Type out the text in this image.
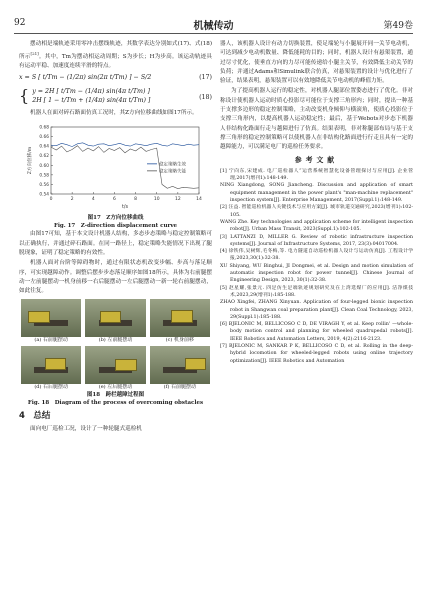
92	机械传动	第49卷

摆动相是端轨迹采用零冲击摆线轨迹，其数学表达分别如式(17)、式(18)所示[21]。其中，Tm为摆动相运动周期；S为步长；H为步高。该运动轨迹具有运动平稳、加速度连续平滑的特点。

x = S [ t/Tm − (1/2π) sin(2π t/Tm) ] − S/2	(17)
{ y = 2H [ t/Tm − (1/4π) sin(4π t/Tm) ]
2H [ 1 − t/Tm + (1/4π) sin(4π t/Tm) ]	(18)

机器人在面对碎石路面仿真工况时，其Z方向位移曲线如图17所示。

0	2	4	6	8	10	12	14
0.54
0.56
0.58
0.60
0.62
0.64
0.66
0.68
t/s
Z方向位移/m	稳定策略生效
稳定策略失能
图17　Z方向位移曲线
Fig. 17　Z-direction displacement curve

由图17可知，基于本文设计机器人结构，多态步态策略与稳定控制策略可以正确执行，并通过碎石路面。在同一路径上，稳定策略失能情况下出现了腿脱现象，证明了稳定策略的有效性。

机器人面对台阶等障碍物时，通过有限状态机改变步幅、步高与落足顺序，可实现越障动作。调整后摆步步态落足顺序如图18所示，具体为右前腿摆动一左前腿摆动一机身前移一右后腿摆动一左后腿摆动一新一轮右前腿摆动，如此往复。

(a) 右前腿摆动	(b) 左前腿摆动	(c) 机身前移
(d) 右后腿摆动	(e) 左后腿摆动	(f) 右前腿摆动
图18　跨栏越障过程图
Fig. 18　Diagram of the process of overcoming obstacles
4　总结

面向电厂巡检工况，设计了一种轮腿式巡检机

器人，该机器人设计有动力切换装置，使足端轮与小腿展开同一关节电动机，可达到减少电动机数量、降低能耗的目的；同时，机器人设计有悬架装置，通过尽寸优化，使垂直方向的力尽可能传递给小腿主关节，有效降低主动关节的负荷；并通过Adams和Simulink联合仿真，对悬架装置的设计与优化进行了验证，结果表明，悬架装置可以有效地降低关节电动机的峰值力矩。

为了提高机器人运行的稳定性，对机器人腿部位置姿态进行了优化。非对称设计使机器人运动时质心投影尽可能位于支撑三角形内；同时，提出一种基于支撑多边形的稳定控制策略，主动改变机身倾仰与横滚角，使质心投影位于支撑三角形内，以提高机器人运动稳定性；最后，基于Webots对步态下机器人非结构化路面行走与越障进行了仿真。结果表明，非对称腿部布局与基于支撑三角形的稳定控制策略可以使机器人在非结构化路面进行行走且具有一定的越障能力，可以满足电厂的巡检任务要求。

参考文献

[1] 宁向东,宋建成. 电厂巡检器人”运营系统智慧化设备管理探讨与应用[J]. 企业管理,2017(增刊1):148-149.

NING Xiangdong, SONG Jiancheng. Discussion and application of smart equipment management in the power plant's "man-machine replacement" inspection system[J]. Enterprise Management, 2017(Suppl.1):148-149.

[2] 汪益. 智能巡检机器人关键技术与应用方案[J]. 城市轨道交通研究,2023(增刊1):102-105.

WANG Zhe. Key technologies and application scheme for intelligent inspection robot[J]. Urban Mass Transit, 2023(Suppl.1):102-105.

[3] LATTANZI D, MILLER G. Review of robotic infrastructure inspection systems[J]. Journal of Infrastructure Systems, 2017, 23(3):04017004.

[4] 徐铁伟,吴树辉,毛冬梅,等. 电力隧道自动巡检机器人设计与运动仿真[J]. 工程设计学报,2023,30(1):32-38.

XU Shiyang, WU Binghui, JI Dongmei, et al. Design and motion simulation of automatic inspection robot for power tunnel[J]. Chinese Journal of Engineering Design, 2023, 30(1):32-38.

[5] 赵星耀,张景元. 四足仿生足端轨迹规划研究及在上湾选煤厂的应用[J]. 洁净煤技术,2023,29(增刊1):185-188.

ZHAO Xingfei, ZHANG Xinyuan. Application of four-legged bionic inspection robot in Shangwan coal preparation plant[J]. Clean Coal Technology, 2023, 29(Suppl.1):185-188.

[6] BJELONIC M, BELLICOSO C D, DE VIRAGH Y, et al. Keep rollin' —whole-body motion control and planning for wheeled quadrupedal robots[J]. IEEE Robotics and Automation Letters, 2019, 4(2):2116-2123.

[7] BJELONIC M, SANKAR P K, BELLICOSO C D, et al. Rolling in the deep-hybrid locomotion for wheeled-legged robots using online trajectory optimization[J]. IEEE Robotics and Automation
